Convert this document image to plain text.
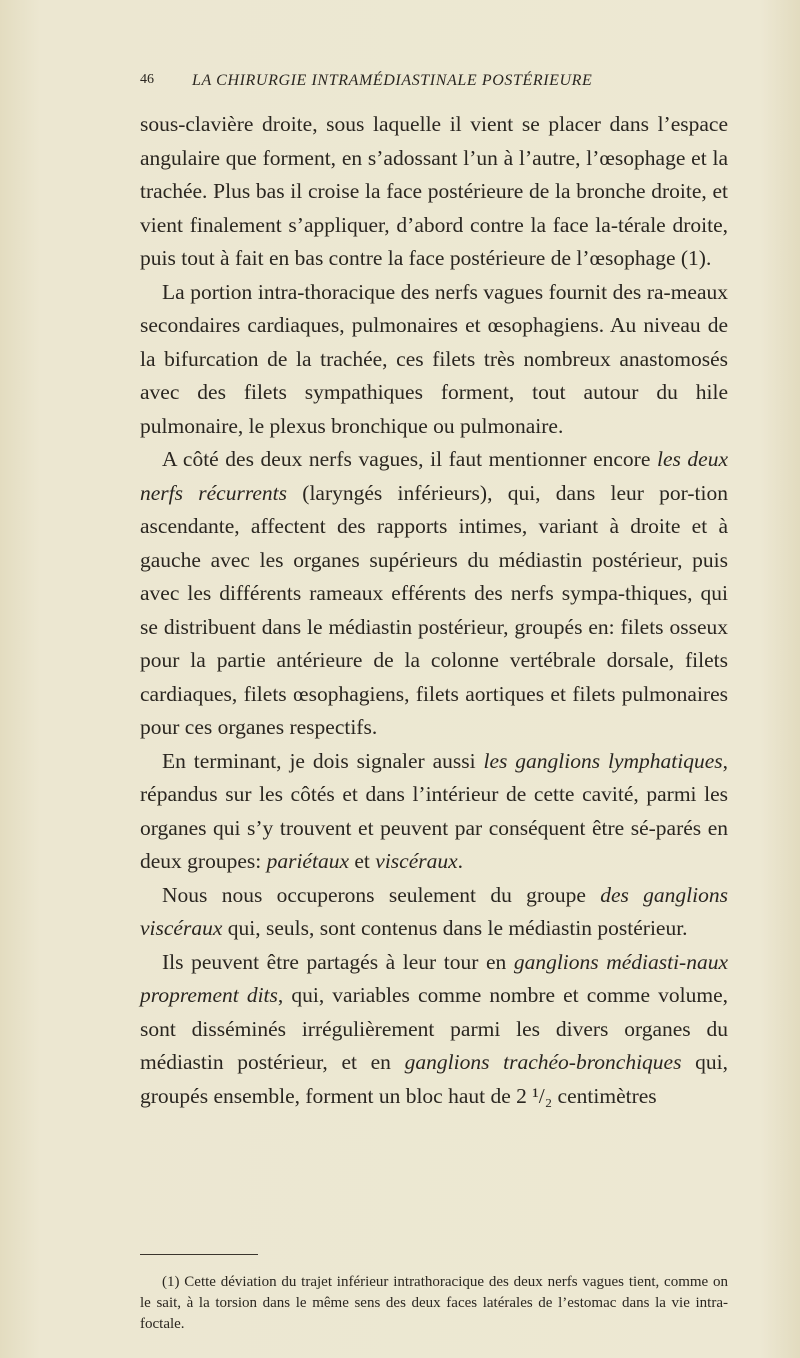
46 LA CHIRURGIE INTRAMÉDIASTINALE POSTÉRIEURE

sous-clavière droite, sous laquelle il vient se placer dans l’espace angulaire que forment, en s’adossant l’un à l’autre, l’œsophage et la trachée. Plus bas il croise la face postérieure de la bronche droite, et vient finalement s’appliquer, d’abord contre la face la-térale droite, puis tout à fait en bas contre la face postérieure de l’œsophage (1).

La portion intra-thoracique des nerfs vagues fournit des ra-meaux secondaires cardiaques, pulmonaires et œsophagiens. Au niveau de la bifurcation de la trachée, ces filets très nombreux anastomosés avec des filets sympathiques forment, tout autour du hile pulmonaire, le plexus bronchique ou pulmonaire.

A côté des deux nerfs vagues, il faut mentionner encore les deux nerfs récurrents (laryngés inférieurs), qui, dans leur por-tion ascendante, affectent des rapports intimes, variant à droite et à gauche avec les organes supérieurs du médiastin postérieur, puis avec les différents rameaux efférents des nerfs sympa-thiques, qui se distribuent dans le médiastin postérieur, groupés en: filets osseux pour la partie antérieure de la colonne vertébrale dorsale, filets cardiaques, filets œsophagiens, filets aortiques et filets pulmonaires pour ces organes respectifs.

En terminant, je dois signaler aussi les ganglions lymphatiques, répandus sur les côtés et dans l’intérieur de cette cavité, parmi les organes qui s’y trouvent et peuvent par conséquent être sé-parés en deux groupes: pariétaux et viscéraux.

Nous nous occuperons seulement du groupe des ganglions viscéraux qui, seuls, sont contenus dans le médiastin postérieur.

Ils peuvent être partagés à leur tour en ganglions médiasti-naux proprement dits, qui, variables comme nombre et comme volume, sont disséminés irrégulièrement parmi les divers organes du médiastin postérieur, et en ganglions trachéo-bronchiques qui, groupés ensemble, forment un bloc haut de 2 ¹/₂ centimètres

(1) Cette déviation du trajet inférieur intrathoracique des deux nerfs vagues tient, comme on le sait, à la torsion dans le même sens des deux faces latérales de l’estomac dans la vie intra-foctale.
